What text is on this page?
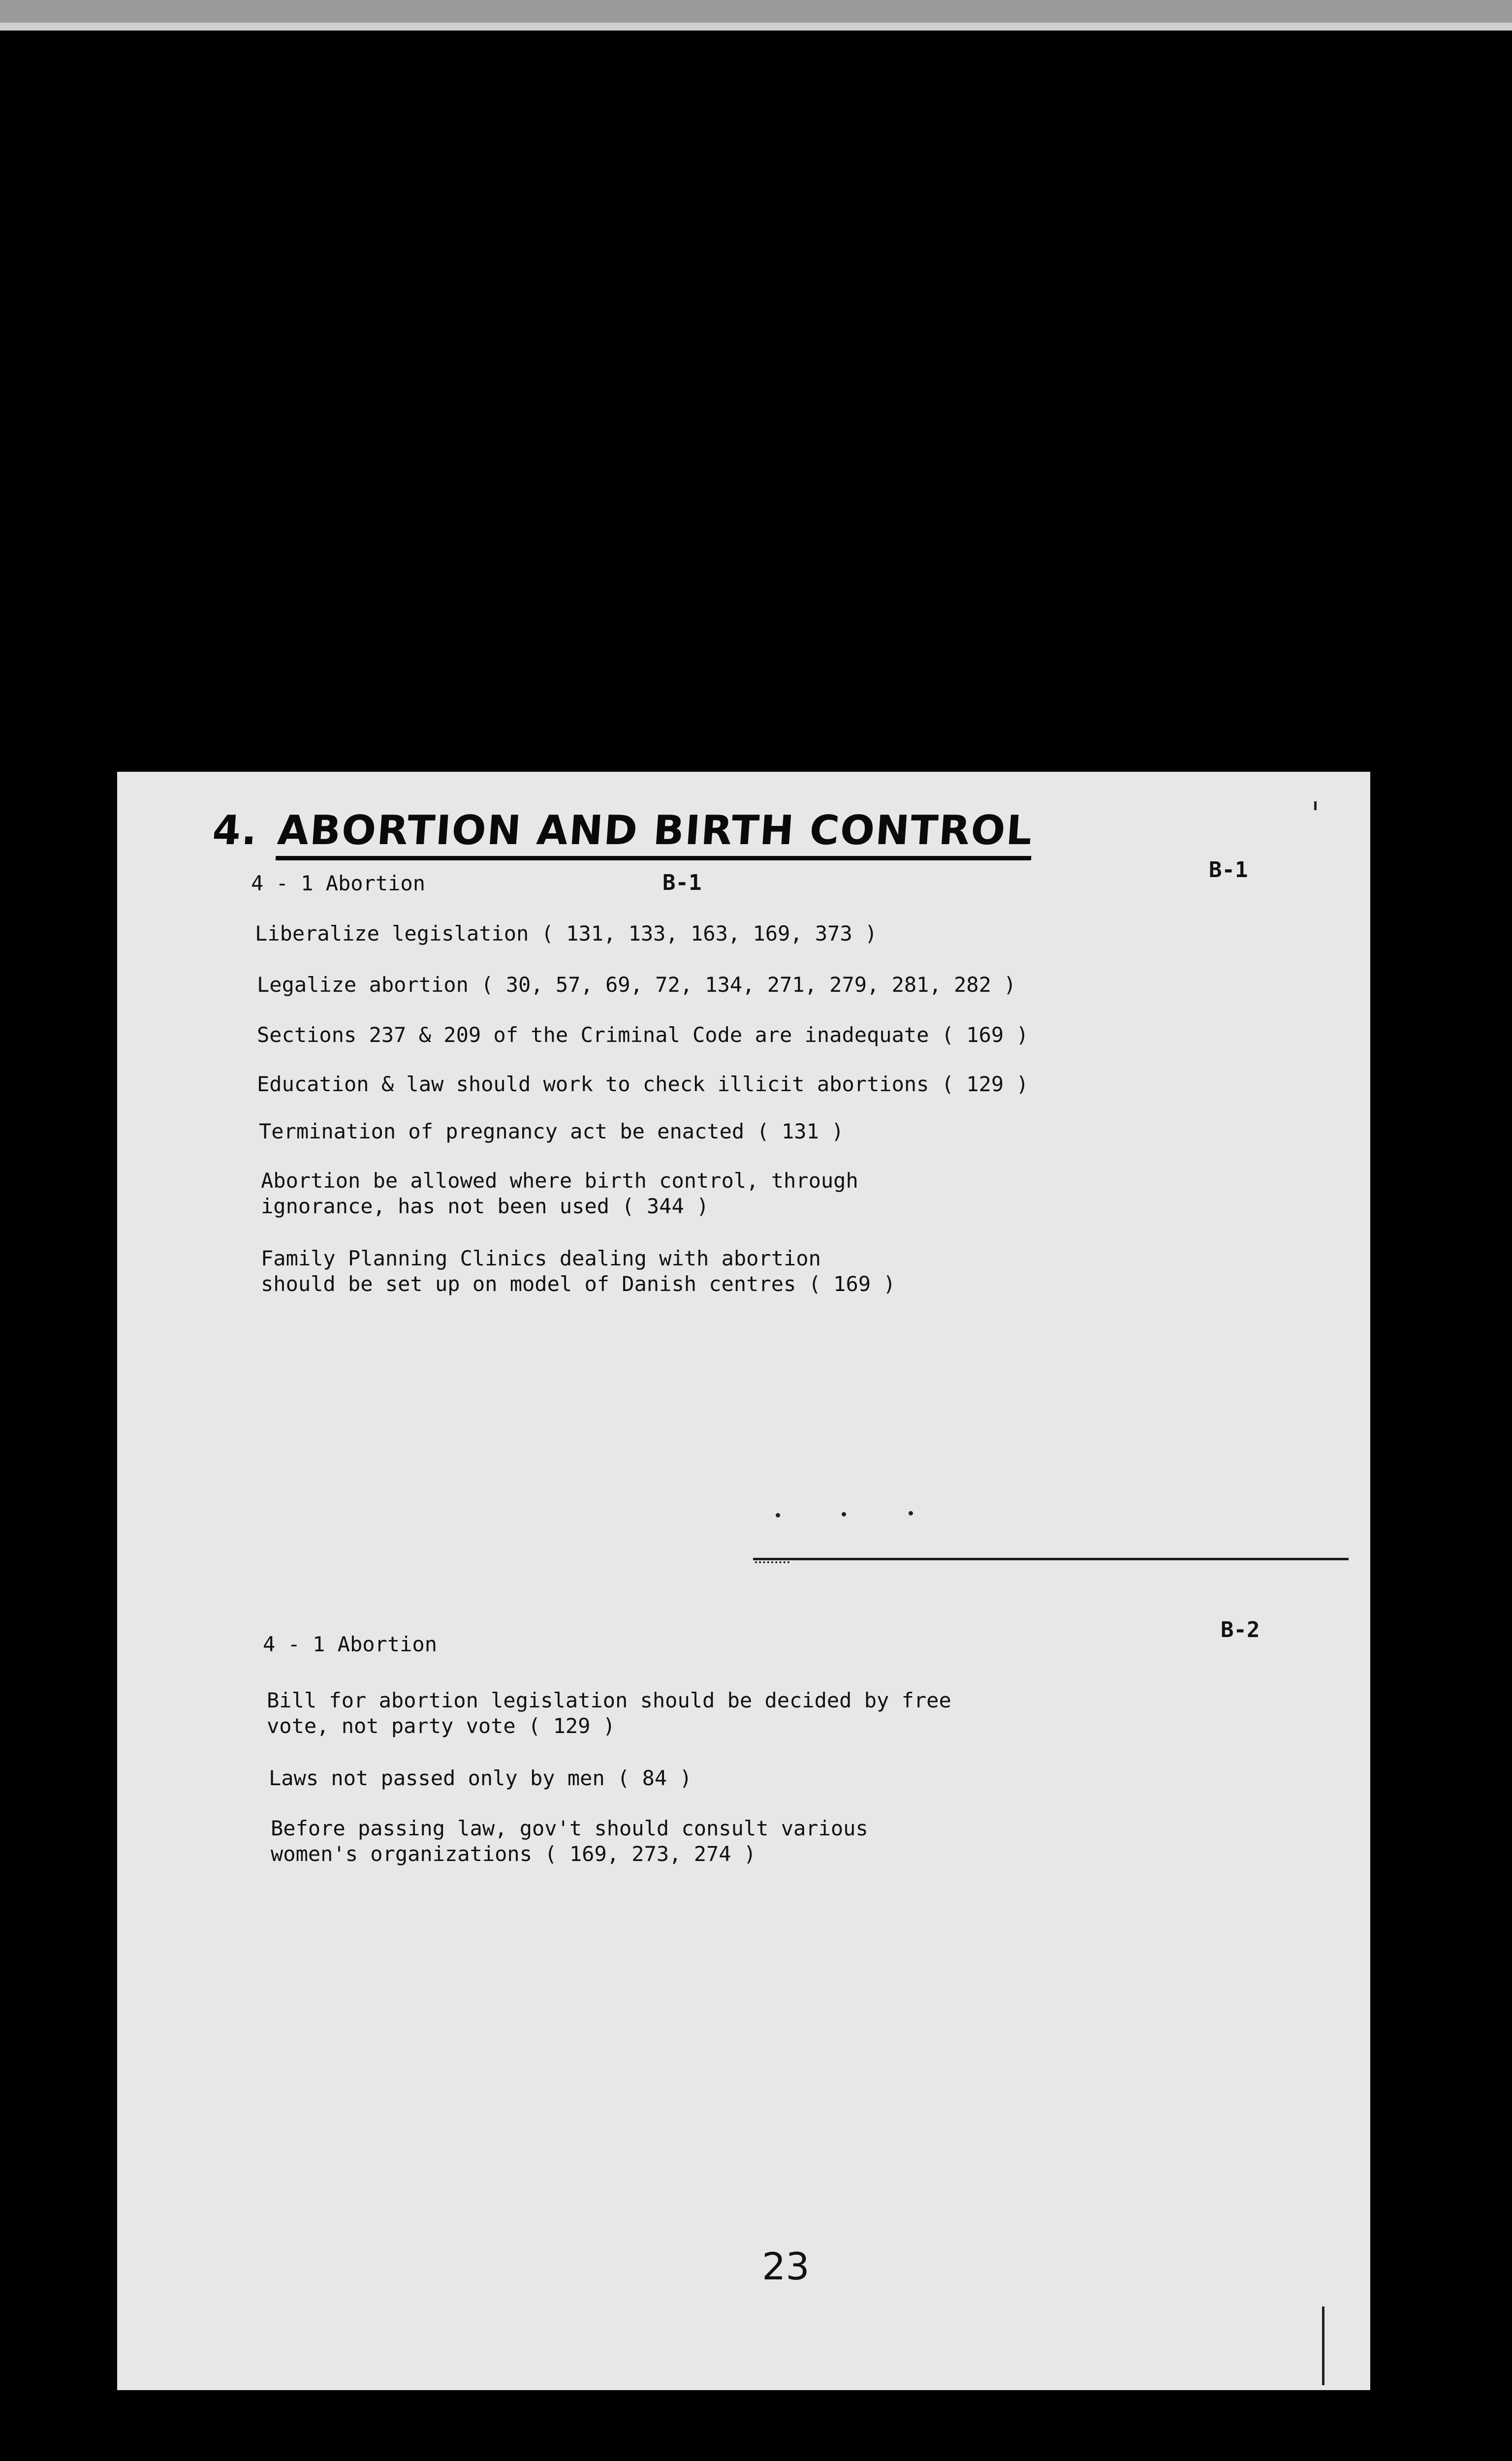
4. ABORTION AND BIRTH CONTROL
4 - 1 Abortion	B-1
B-1
Liberalize legislation ( 131, 133, 163, 169, 373 )
Legalize abortion ( 30, 57, 69, 72, 134, 271, 279, 281, 282 )
Sections 237 & 209 of the Criminal Code are inadequate ( 169 )
Education & law should work to check illicit abortions ( 129 )
Termination of pregnancy act be enacted ( 131 )
Abortion be allowed where birth control, through
ignorance, has not been used ( 344 )
Family Planning Clinics dealing with abortion
should be set up on model of Danish centres ( 169 )
4 - 1 Abortion
B-2
Bill for abortion legislation should be decided by free
vote, not party vote ( 129 )
Laws not passed only by men ( 84 )
Before passing law, gov't should consult various
women's organizations ( 169, 273, 274 )
23
